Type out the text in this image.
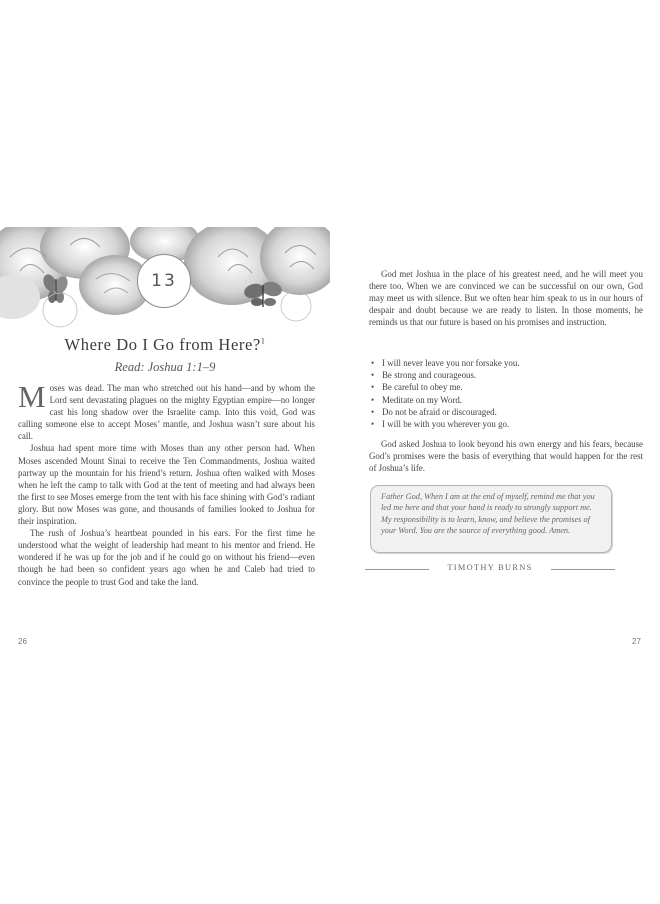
13
Where Do I Go from Here?$^1$
Read: Joshua 1:1–9

Moses was dead. The man who stretched out his hand—and by whom the Lord sent devastating plagues on the mighty Egyptian empire—no longer cast his long shadow over the Israelite camp. Into this void, God was calling someone else to accept Moses’ mantle, and Joshua wasn’t sure about his call.

Joshua had spent more time with Moses than any other person had. When Moses ascended Mount Sinai to receive the Ten Commandments, Joshua waited partway up the mountain for his friend’s return. Joshua often walked with Moses when he left the camp to talk with God at the tent of meeting and had always been the first to see Moses emerge from the tent with his face shining with God’s radiant glory. But now Moses was gone, and thousands of families looked to Joshua for their inspiration.

The rush of Joshua’s heartbeat pounded in his ears. For the first time he understood what the weight of leadership had meant to his mentor and friend. He wondered if he was up for the job and if he could go on without his friend—even though he had been so confident years ago when he and Caleb had tried to convince the people to trust God and take the land.

26

God met Joshua in the place of his greatest need, and he will meet you there too. When we are convinced we can be successful on our own, God may meet us with silence. But we often hear him speak to us in our hours of despair and doubt because we are ready to listen. In those moments, he reminds us that our future is based on his promises and instruction.

• I will never leave you nor forsake you.
• Be strong and courageous.
• Be careful to obey me.
• Meditate on my Word.
• Do not be afraid or discouraged.
• I will be with you wherever you go.

God asked Joshua to look beyond his own energy and his fears, because God’s promises were the basis of everything that would happen for the rest of Joshua’s life.

Father God, When I am at the end of myself, remind me that you led me here and that your hand is ready to strongly support me. My responsibility is to learn, know, and believe the promises of your Word. You are the source of everything good. Amen.
TIMOTHY BURNS
27
